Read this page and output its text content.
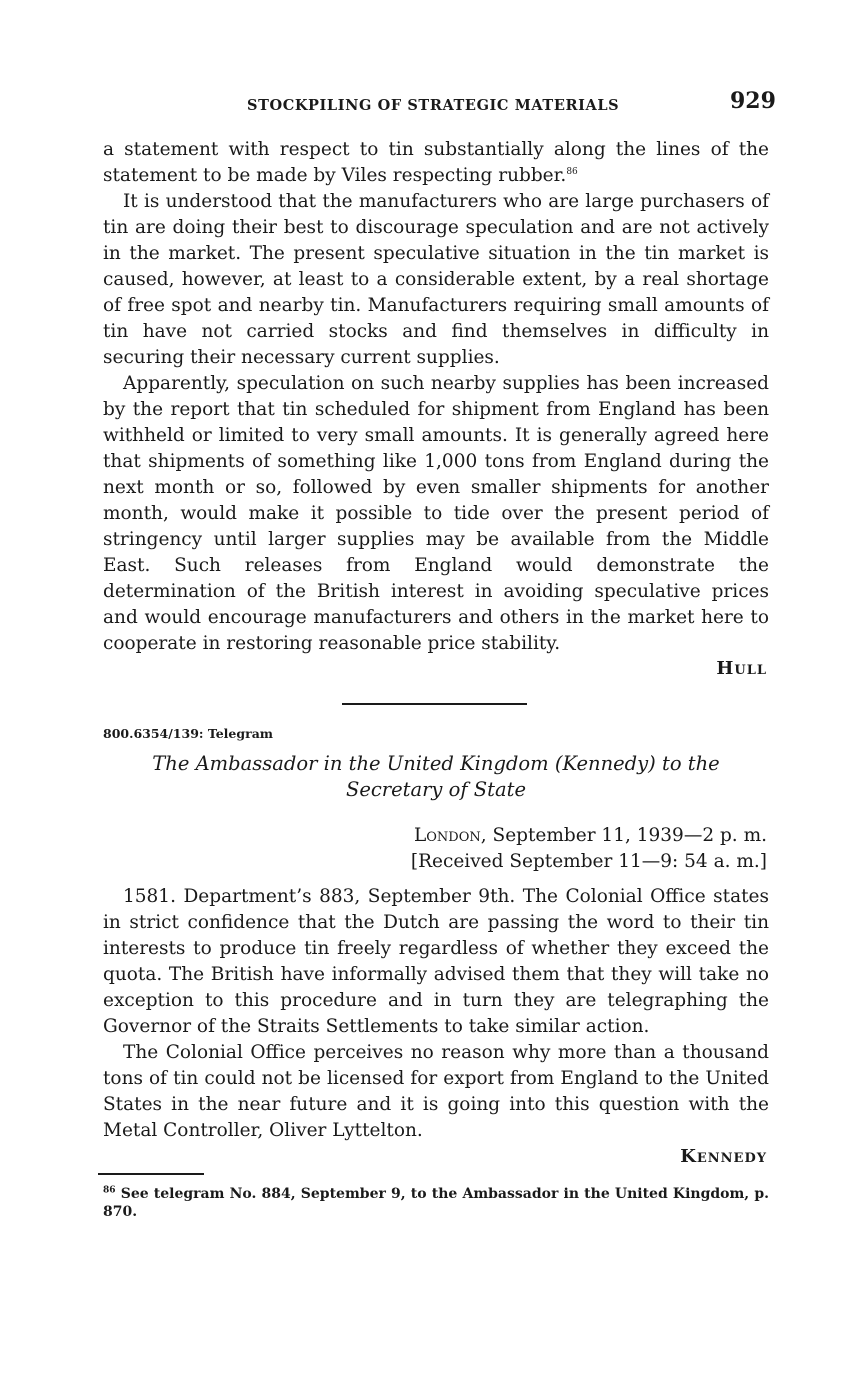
STOCKPILING OF STRATEGIC MATERIALS	929

a statement with respect to tin substantially along the lines of the statement to be made by Viles respecting rubber.$^{86}$

It is understood that the manufacturers who are large purchasers of tin are doing their best to discourage speculation and are not actively in the market. The present speculative situation in the tin market is caused, however, at least to a considerable extent, by a real shortage of free spot and nearby tin. Manufacturers requiring small amounts of tin have not carried stocks and find themselves in difficulty in securing their necessary current supplies.

Apparently, speculation on such nearby supplies has been increased by the report that tin scheduled for shipment from England has been withheld or limited to very small amounts. It is generally agreed here that shipments of something like 1,000 tons from England during the next month or so, followed by even smaller shipments for another month, would make it possible to tide over the present period of stringency until larger supplies may be available from the Middle East. Such releases from England would demonstrate the determination of the British interest in avoiding speculative prices and would encourage manufacturers and others in the market here to cooperate in restoring reasonable price stability.

Hull
800.6354/139: Telegram
The Ambassador in the United Kingdom (Kennedy) to the Secretary of State
London, September 11, 1939—2 p. m.
[Received September 11—9: 54 a. m.]

1581. Department’s 883, September 9th. The Colonial Office states in strict confidence that the Dutch are passing the word to their tin interests to produce tin freely regardless of whether they exceed the quota. The British have informally advised them that they will take no exception to this procedure and in turn they are telegraphing the Governor of the Straits Settlements to take similar action.

The Colonial Office perceives no reason why more than a thousand tons of tin could not be licensed for export from England to the United States in the near future and it is going into this question with the Metal Controller, Oliver Lyttelton.

Kennedy
$^{86}$ See telegram No. 884, September 9, to the Ambassador in the United Kingdom, p. 870.
